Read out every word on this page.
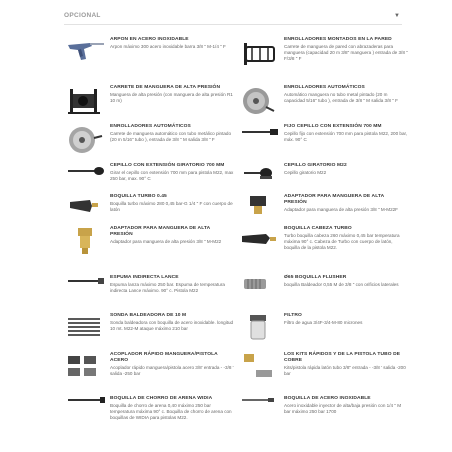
OPCIONAL	▼
ARPON EN ACERO INOXIDABLE
Arpon máximo 300 acero inoxidable barra 3/8 " M-1/4 " F
ENROLLADORES MONTADOS EN LA PARED
Carrete de manguera de pared con abrazaderas para manguera (capacidad 20 m 3/8" manguera ) entrada de 3/8 " F/3/8 " F
CARRETE DE MANGUERA DE ALTA PRESIÓN
Manguera de alta presión (con manguera de alta presión R1 10 m)
ENROLLADORES AUTOMÁTICOS
Automático manguera no tubo metal pintado (20 m capacidad 5/16" tubo ), entrada de 3/8 " M salida 3/8 " F
ENROLLADORES AUTOMÁTICOS
Carrete de manguera automático con tubo metálico pintado (20 m 5/16" tubo ), entrada de 3/8 " M salida 3/8 " F
FIJO CEPILLO CON EXTENSIÓN 700 MM
Cepillo fijo con extensión 700 mm para pistola M22, 200 bar, máx. 90° C
CEPILLO CON EXTENSIÓN GIRATORIO 700 MM
Girar el cepillo con extensión 700 mm para pistola M22, max 250 bar, max. 90° C
CEPILLO GIRATORIO M22
Cepillo giratorio M22
BOQUILLA TURBO 0.45
Boquilla turbo máximo 280 0,45 bar-G 1/4 " F con cuerpo de latón
ADAPTADOR PARA MANGUERA DE ALTA PRESIÓN
Adaptador para manguera de alta presión 3/8 " M-M22F
ADAPTADOR PARA MANGUERA DE ALTA PRESIÓN
Adaptador para manguera de alta presión 3/8 " M-M22
BOQUILLA CABEZA TURBO
Turbo boquilla cabeza 260 máximo 0,45 bar temperatura máxima 90° c. Cabeza de Turbo con cuerpo de latón, boquilla de la pistola M22.
ESPUMA INDIRECTA LANCE
Espuma lanza máximo 250 bar. Espuma de temperatura indirecta Lance máximo. 90° c. Pistola M22
Ø65 BOQUILLA FLUSHER
boquilla Baldeador 0,55 M de 3/8 " con orificios laterales
SONDA BALDEADORA DE 10 M
Sonda baldeadora con boquilla de acero inoxidable. longitud 10 mt. M22-M ataque máximo 210 bar
FILTRO
Filtro de agua 3/4F-3/4-M-80 micrones
ACOPLADOR RÁPIDO MANGUERA/PISTOLA ACERO
Acoplador rápido manguera/pistola acero 3/8' entrada - -3/8 ' salida -250 bar
LOS KITS RÁPIDOS Y DE LA PISTOLA TUBO DE COBRE
Kits/pistola rápida latón tubo 3/8" entrada - -3/8 ' salida -200 bar
BOQUILLA DE CHORRO DE ARENA WIDIA
Boquilla de chorro de arena 0,40 máximo 250 bar temperatura máxima 90° c. Boquilla de chorro de arena con boquillas de WIDIA para pistolas M22.
BOQUILLA DE ACERO INOXIDABLE
Acero inoxidable inyector de alta/baja presión con 1/4 " M bar máximo 250 bar 1700
